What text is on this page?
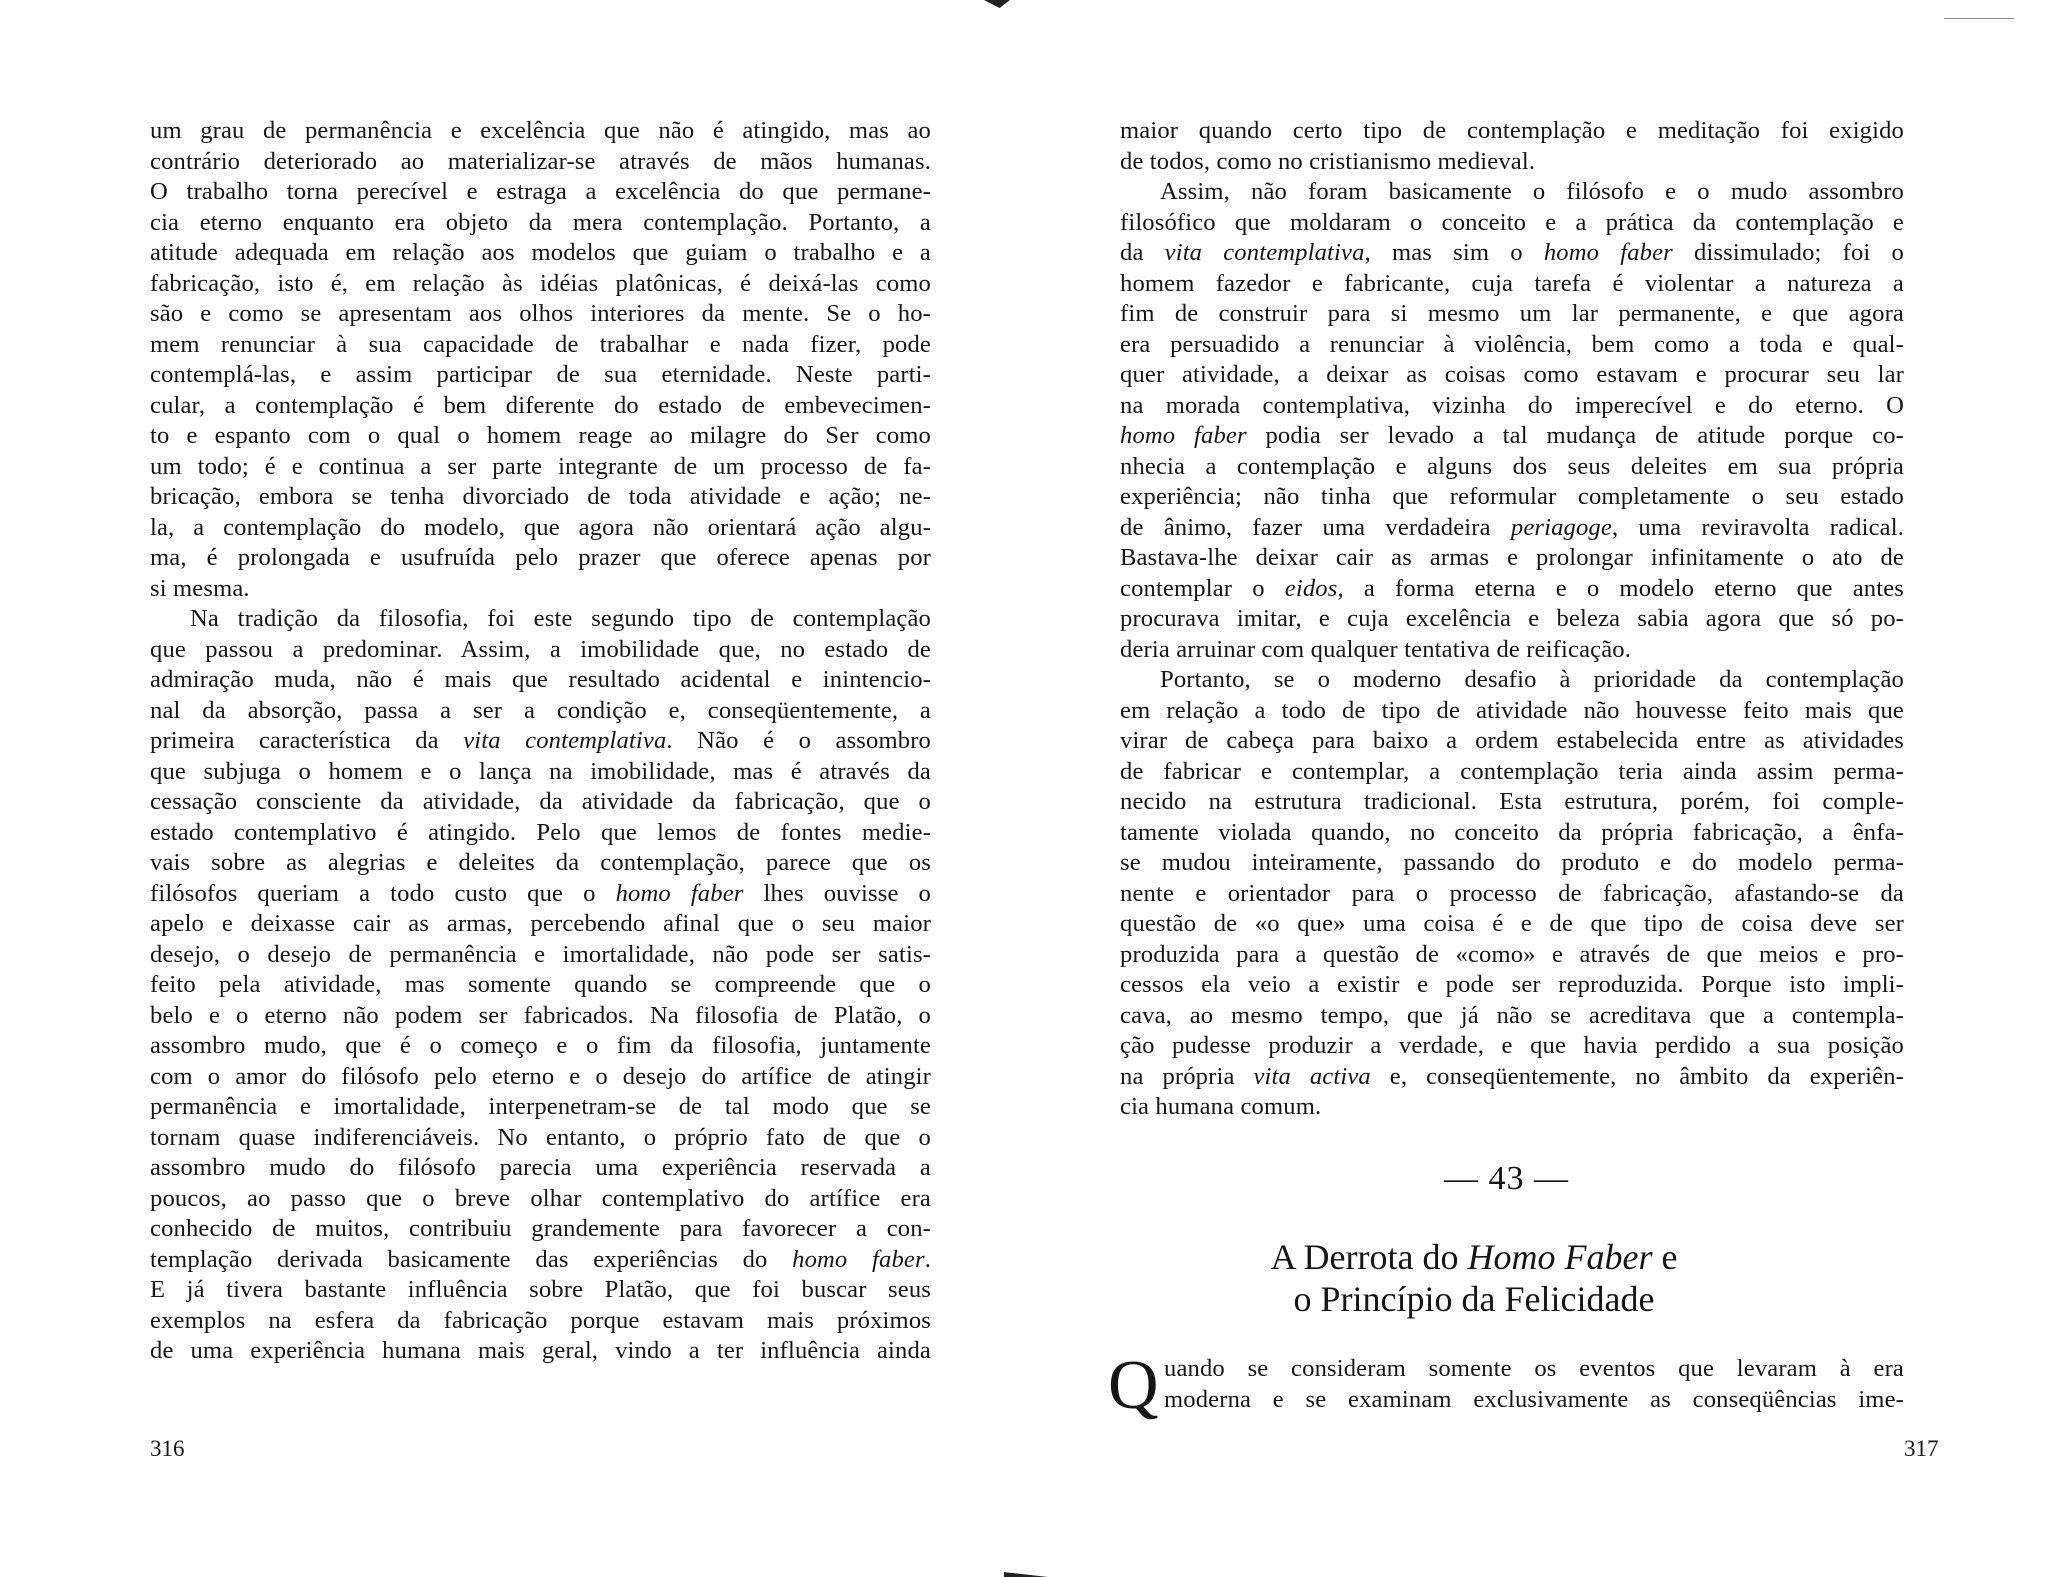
um grau de permanência e excelência que não é atingido, mas ao
contrário deteriorado ao materializar-se através de mãos humanas.
O trabalho torna perecível e estraga a excelência do que permane-
cia eterno enquanto era objeto da mera contemplação. Portanto, a
atitude adequada em relação aos modelos que guiam o trabalho e a
fabricação, isto é, em relação às idéias platônicas, é deixá-las como
são e como se apresentam aos olhos interiores da mente. Se o ho-
mem renunciar à sua capacidade de trabalhar e nada fizer, pode
contemplá-las, e assim participar de sua eternidade. Neste parti-
cular, a contemplação é bem diferente do estado de embevecimen-
to e espanto com o qual o homem reage ao milagre do Ser como
um todo; é e continua a ser parte integrante de um processo de fa-
bricação, embora se tenha divorciado de toda atividade e ação; ne-
la, a contemplação do modelo, que agora não orientará ação algu-
ma, é prolongada e usufruída pelo prazer que oferece apenas por
si mesma.
Na tradição da filosofia, foi este segundo tipo de contemplação
que passou a predominar. Assim, a imobilidade que, no estado de
admiração muda, não é mais que resultado acidental e inintencio-
nal da absorção, passa a ser a condição e, conseqüentemente, a
primeira característica da vita contemplativa. Não é o assombro
que subjuga o homem e o lança na imobilidade, mas é através da
cessação consciente da atividade, da atividade da fabricação, que o
estado contemplativo é atingido. Pelo que lemos de fontes medie-
vais sobre as alegrias e deleites da contemplação, parece que os
filósofos queriam a todo custo que o homo faber lhes ouvisse o
apelo e deixasse cair as armas, percebendo afinal que o seu maior
desejo, o desejo de permanência e imortalidade, não pode ser satis-
feito pela atividade, mas somente quando se compreende que o
belo e o eterno não podem ser fabricados. Na filosofia de Platão, o
assombro mudo, que é o começo e o fim da filosofia, juntamente
com o amor do filósofo pelo eterno e o desejo do artífice de atingir
permanência e imortalidade, interpenetram-se de tal modo que se
tornam quase indiferenciáveis. No entanto, o próprio fato de que o
assombro mudo do filósofo parecia uma experiência reservada a
poucos, ao passo que o breve olhar contemplativo do artífice era
conhecido de muitos, contribuiu grandemente para favorecer a con-
templação derivada basicamente das experiências do homo faber.
E já tivera bastante influência sobre Platão, que foi buscar seus
exemplos na esfera da fabricação porque estavam mais próximos
de uma experiência humana mais geral, vindo a ter influência ainda
316
maior quando certo tipo de contemplação e meditação foi exigido
de todos, como no cristianismo medieval.
Assim, não foram basicamente o filósofo e o mudo assombro
filosófico que moldaram o conceito e a prática da contemplação e
da vita contemplativa, mas sim o homo faber dissimulado; foi o
homem fazedor e fabricante, cuja tarefa é violentar a natureza a
fim de construir para si mesmo um lar permanente, e que agora
era persuadido a renunciar à violência, bem como a toda e qual-
quer atividade, a deixar as coisas como estavam e procurar seu lar
na morada contemplativa, vizinha do imperecível e do eterno. O
homo faber podia ser levado a tal mudança de atitude porque co-
nhecia a contemplação e alguns dos seus deleites em sua própria
experiência; não tinha que reformular completamente o seu estado
de ânimo, fazer uma verdadeira periagoge, uma reviravolta radical.
Bastava-lhe deixar cair as armas e prolongar infinitamente o ato de
contemplar o eidos, a forma eterna e o modelo eterno que antes
procurava imitar, e cuja excelência e beleza sabia agora que só po-
deria arruinar com qualquer tentativa de reificação.
Portanto, se o moderno desafio à prioridade da contemplação
em relação a todo de tipo de atividade não houvesse feito mais que
virar de cabeça para baixo a ordem estabelecida entre as atividades
de fabricar e contemplar, a contemplação teria ainda assim perma-
necido na estrutura tradicional. Esta estrutura, porém, foi comple-
tamente violada quando, no conceito da própria fabricação, a ênfa-
se mudou inteiramente, passando do produto e do modelo perma-
nente e orientador para o processo de fabricação, afastando-se da
questão de «o que» uma coisa é e de que tipo de coisa deve ser
produzida para a questão de «como» e através de que meios e pro-
cessos ela veio a existir e pode ser reproduzida. Porque isto impli-
cava, ao mesmo tempo, que já não se acreditava que a contempla-
ção pudesse produzir a verdade, e que havia perdido a sua posição
na própria vita activa e, conseqüentemente, no âmbito da experiên-
cia humana comum.
— 43 —
A Derrota do Homo Faber e
o Princípio da Felicidade
Q uando se consideram somente os eventos que levaram à era
moderna e se examinam exclusivamente as conseqüências ime-
317
